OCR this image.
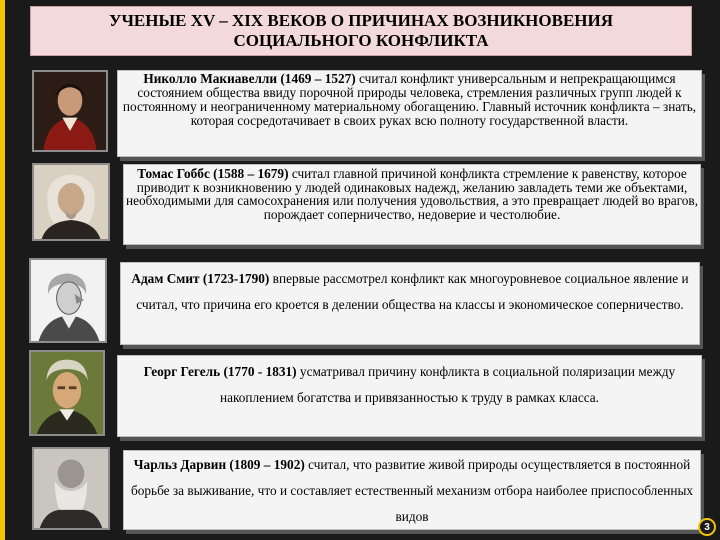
УЧЕНЫЕ XV – XIX ВЕКОВ О ПРИЧИНАХ ВОЗНИКНОВЕНИЯ
СОЦИАЛЬНОГО КОНФЛИКТА
Николло Макиавелли (1469 – 1527) считал конфликт универсальным и непрекращающимся состоянием общества ввиду порочной природы человека, стремления различных групп людей к постоянному и неограниченному материальному обогащению. Главный источник конфликта – знать, которая сосредотачивает в своих руках всю полноту государственной власти.
Томас Гоббс (1588 – 1679) считал главной причиной конфликта стремление к равенству, которое приводит к возникновению у людей одинаковых надежд, желанию завладеть теми же объектами, необходимыми для самосохранения или получения удовольствия, а это превращает людей во врагов, порождает соперничество, недоверие и честолюбие.
Адам Смит (1723-1790) впервые рассмотрел конфликт как многоуровневое социальное явление и считал, что причина его кроется в делении общества на классы и экономическое соперничество.
Георг Гегель (1770 - 1831) усматривал причину конфликта в социальной поляризации между накоплением богатства и привязанностью к труду в рамках класса.
Чарльз Дарвин (1809 – 1902) считал, что развитие живой природы осуществляется в постоянной борьбе за выживание, что и составляет естественный механизм отбора наиболее приспособленных видов
3
